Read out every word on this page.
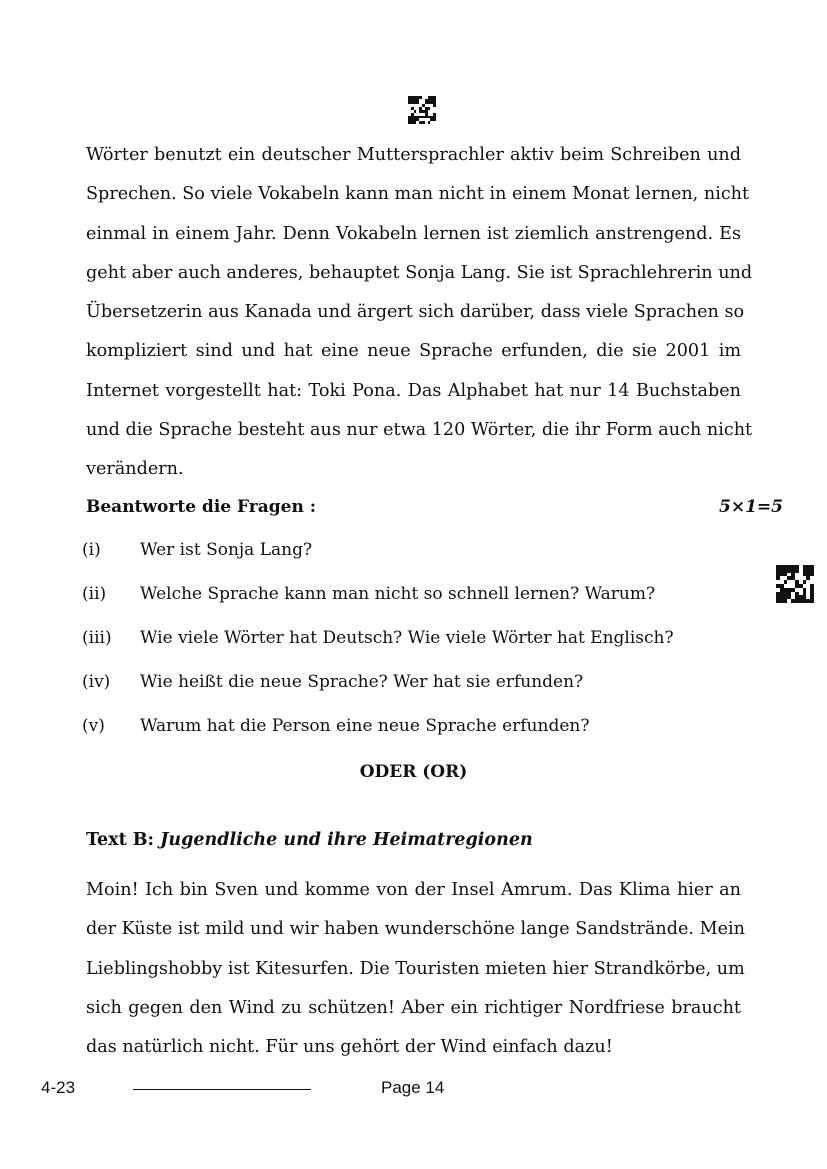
Wörter benutzt ein deutscher Muttersprachler aktiv beim Schreiben und
Sprechen. So viele Vokabeln kann man nicht in einem Monat lernen, nicht
einmal in einem Jahr. Denn Vokabeln lernen ist ziemlich anstrengend. Es
geht aber auch anderes, behauptet Sonja Lang. Sie ist Sprachlehrerin und
Übersetzerin aus Kanada und ärgert sich darüber, dass viele Sprachen so
kompliziert sind und hat eine neue Sprache erfunden, die sie 2001 im
Internet vorgestellt hat: Toki Pona. Das Alphabet hat nur 14 Buchstaben
und die Sprache besteht aus nur etwa 120 Wörter, die ihr Form auch nicht
verändern.
Beantworte die Fragen :	5×1=5
(i)	Wer ist Sonja Lang?
(ii)	Welche Sprache kann man nicht so schnell lernen? Warum?
(iii)	Wie viele Wörter hat Deutsch? Wie viele Wörter hat Englisch?
(iv)	Wie heißt die neue Sprache? Wer hat sie erfunden?
(v)	Warum hat die Person eine neue Sprache erfunden?
ODER (OR)
Text B: Jugendliche und ihre Heimatregionen
Moin! Ich bin Sven und komme von der Insel Amrum. Das Klima hier an
der Küste ist mild und wir haben wunderschöne lange Sandstrände. Mein
Lieblingshobby ist Kitesurfen. Die Touristen mieten hier Strandkörbe, um
sich gegen den Wind zu schützen! Aber ein richtiger Nordfriese braucht
das natürlich nicht. Für uns gehört der Wind einfach dazu!
4-23	Page 14
